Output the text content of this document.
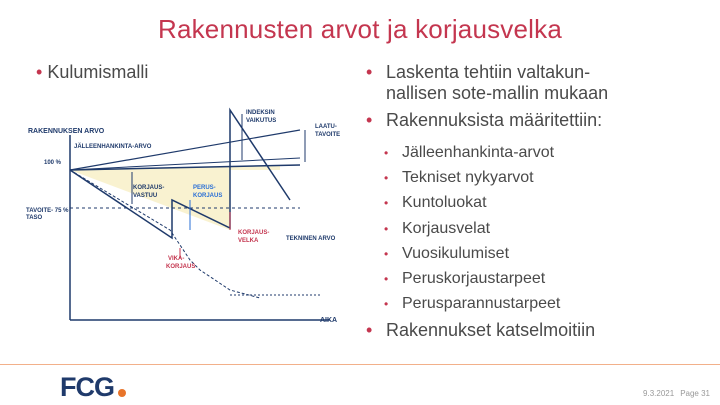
Rakennusten arvot ja korjausvelka
• Kulumismalli
RAKENNUKSEN ARVO
JÄLLEENHANKINTA-ARVO
100 %
TAVOITE- 75 %
TASO
INDEKSIN
VAIKUTUS
LAATU-
TAVOITE
KORJAUS-
VASTUU
PERUS-
KORJAUS
KORJAUS-
VELKA	TEKNINEN ARVO
VIKA-
KORJAUS
AIKA
• Laskenta tehtiin valtakun-
nallisen sote-mallin mukaan
• Rakennuksista määritettiin:
• Jälleenhankinta-arvot
• Tekniset nykyarvot
• Kuntoluokat
• Korjausvelat
• Vuosikulumiset
• Peruskorjaustarpeet
• Perusparannustarpeet
• Rakennukset katselmoitiin
FCG	9.3.2021 Page 31
